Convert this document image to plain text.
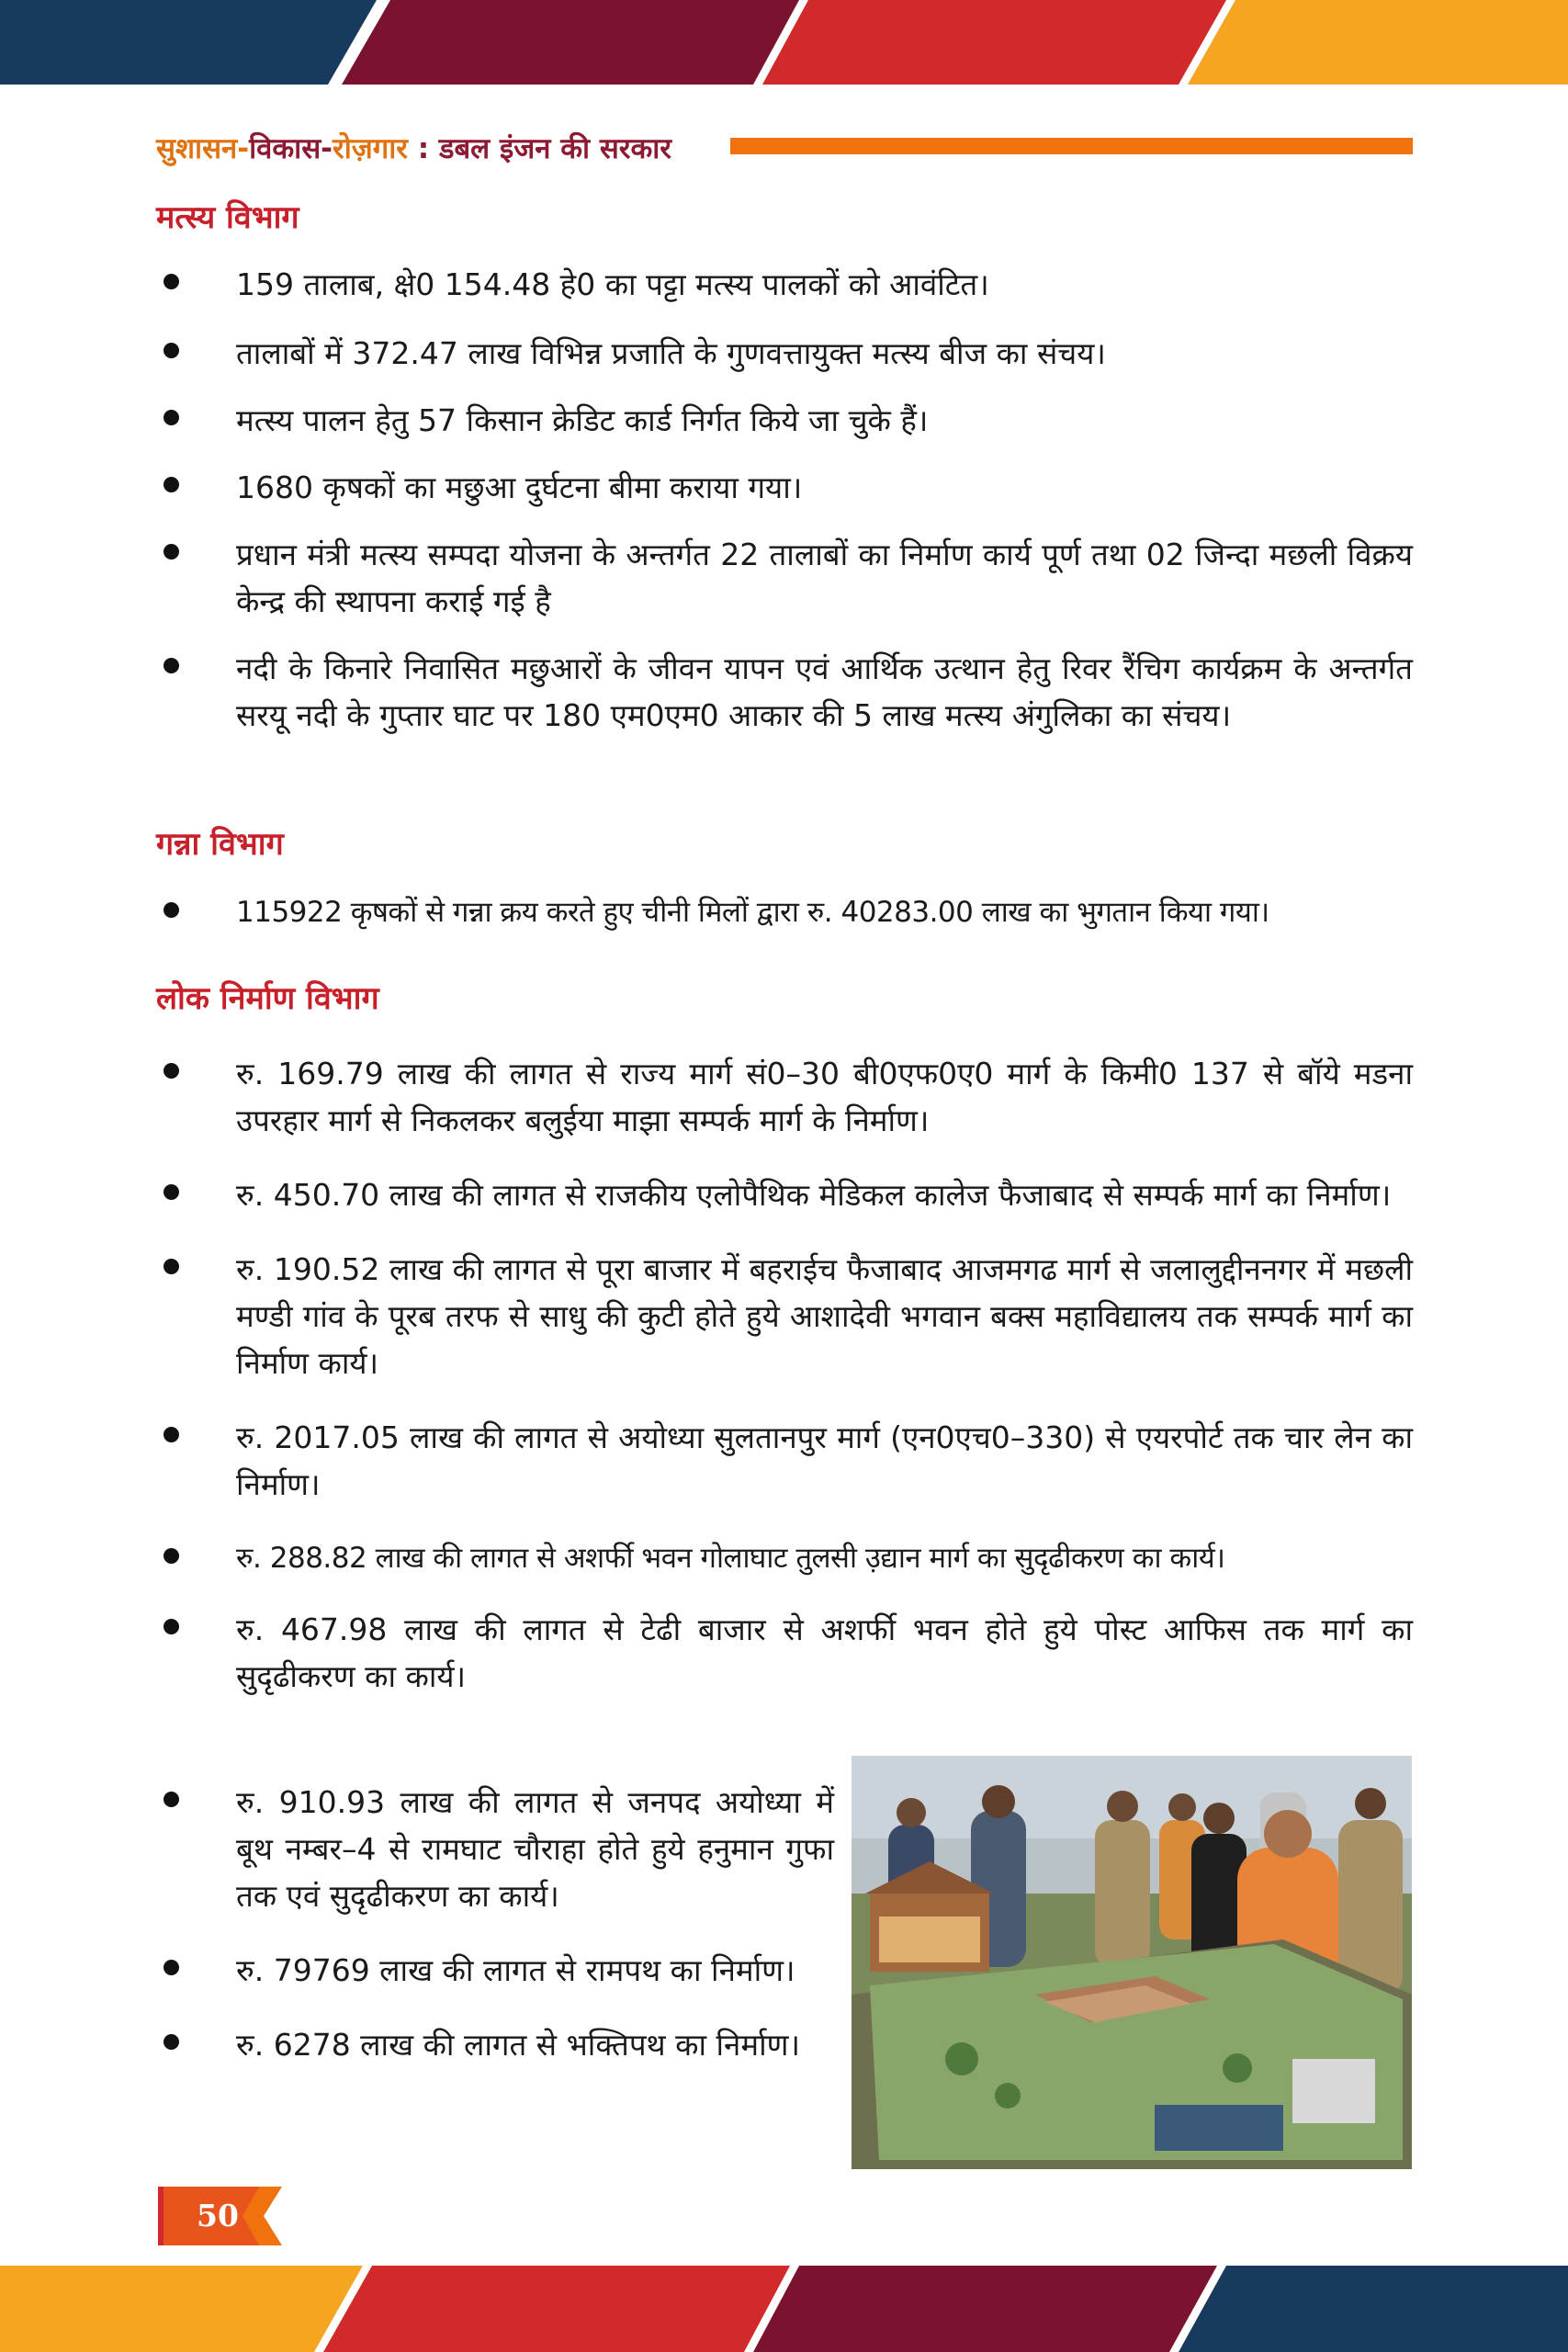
सुशासन-विकास-रोज़गार : डबल इंजन की सरकार
मत्स्य विभाग
159 तालाब, क्षे0 154.48 हे0 का पट्टा मत्स्य पालकों को आवंटित।
तालाबों में 372.47 लाख विभिन्न प्रजाति के गुणवत्तायुक्त मत्स्य बीज का संचय।
मत्स्य पालन हेतु 57 किसान क्रेडिट कार्ड निर्गत किये जा चुके हैं।
1680 कृषकों का मछुआ दुर्घटना बीमा कराया गया।
प्रधान मंत्री मत्स्य सम्पदा योजना के अन्तर्गत 22 तालाबों का निर्माण कार्य पूर्ण तथा 02 जिन्दा मछली विक्रय केन्द्र की स्थापना कराई गई है
नदी के किनारे निवासित मछुआरों के जीवन यापन एवं आर्थिक उत्थान हेतु रिवर रैंचिग कार्यक्रम के अन्तर्गत सरयू नदी के गुप्तार घाट पर 180 एम0एम0 आकार की 5 लाख मत्स्य अंगुलिका का संचय।
गन्ना विभाग
115922 कृषकों से गन्ना क्रय करते हुए चीनी मिलों द्वारा रु. 40283.00 लाख का भुगतान किया गया।
लोक निर्माण विभाग
रु. 169.79 लाख की लागत से राज्य मार्ग सं0–30 बी0एफ0ए0 मार्ग के किमी0 137 से बॉये मडना उपरहार मार्ग से निकलकर बलुईया माझा सम्पर्क मार्ग के निर्माण।
रु. 450.70 लाख की लागत से राजकीय एलोपैथिक मेडिकल कालेज फैजाबाद से सम्पर्क मार्ग का निर्माण।
रु. 190.52 लाख की लागत से पूरा बाजार में बहराईच फैजाबाद आजमगढ मार्ग से जलालुद्दीननगर में मछली मण्डी गांव के पूरब तरफ से साधु की कुटी होते हुये आशादेवी भगवान बक्स महाविद्यालय तक सम्पर्क मार्ग का निर्माण कार्य।
रु. 2017.05 लाख की लागत से अयोध्या सुलतानपुर मार्ग (एन0एच0–330) से एयरपोर्ट तक चार लेन का निर्माण।
रु. 288.82 लाख की लागत से अशर्फी भवन गोलाघाट तुलसी उ़द्यान मार्ग का सुदृढीकरण का कार्य।
रु. 467.98 लाख की लागत से टेढी बाजार से अशर्फी भवन होते हुये पोस्ट आफिस तक मार्ग का सुदृढीकरण का कार्य।
रु. 910.93 लाख की लागत से जनपद अयोध्या में बूथ नम्बर–4 से रामघाट चौराहा होते हुये हनुमान गुफा तक एवं सुदृढीकरण का कार्य।
रु. 79769 लाख की लागत से रामपथ का निर्माण।
रु. 6278 लाख की लागत से भक्तिपथ का निर्माण।
50
